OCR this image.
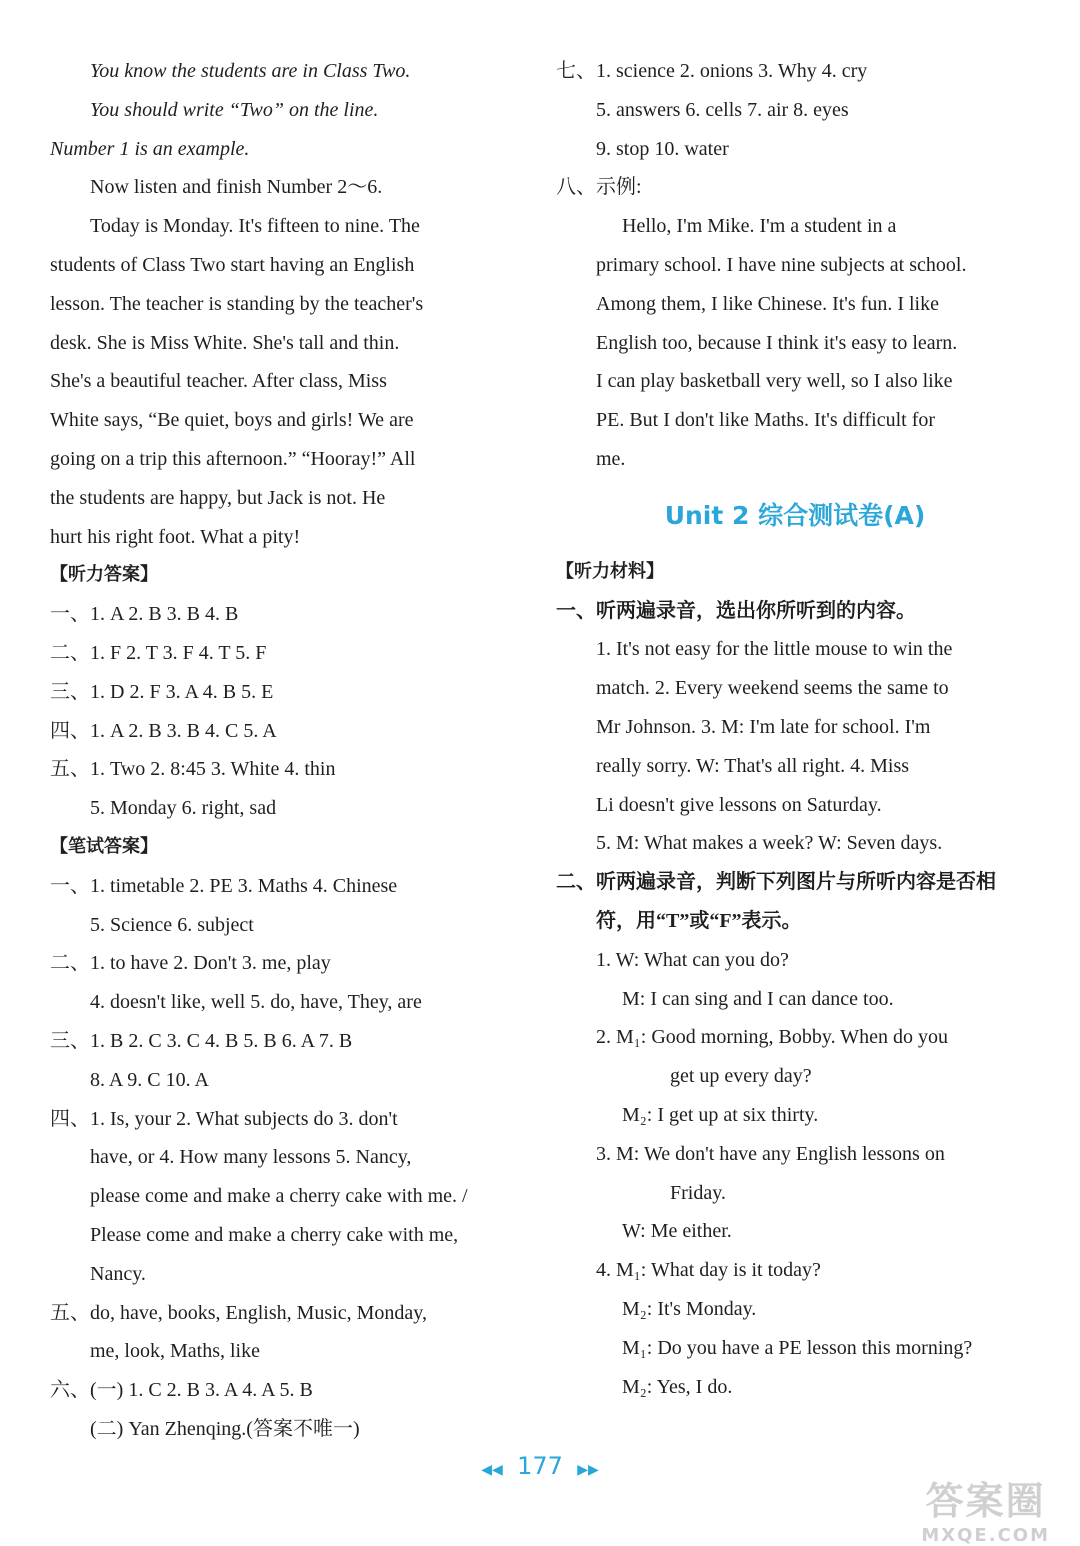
You know the students are in Class Two.
You should write “Two” on the line.
Number 1 is an example.
Now listen and finish Number 2～6.
Today is Monday. It's fifteen to nine. The
students of Class Two start having an English
lesson. The teacher is standing by the teacher's
desk. She is Miss White. She's tall and thin.
She's a beautiful teacher. After class, Miss
White says, “Be quiet, boys and girls! We are
going on a trip this afternoon.” “Hooray!” All
the students are happy, but Jack is not. He
hurt his right foot. What a pity!
【听力答案】
一、1. A 2. B 3. B 4. B
二、1. F 2. T 3. F 4. T 5. F
三、1. D 2. F 3. A 4. B 5. E
四、1. A 2. B 3. B 4. C 5. A
五、1. Two 2. 8:45 3. White 4. thin
5. Monday 6. right, sad
【笔试答案】
一、1. timetable 2. PE 3. Maths 4. Chinese
5. Science 6. subject
二、1. to have 2. Don't 3. me, play
4. doesn't like, well 5. do, have, They, are
三、1. B 2. C 3. C 4. B 5. B 6. A 7. B
8. A 9. C 10. A
四、1. Is, your 2. What subjects do 3. don't
have, or 4. How many lessons 5. Nancy,
please come and make a cherry cake with me. /
Please come and make a cherry cake with me,
Nancy.
五、do, have, books, English, Music, Monday,
me, look, Maths, like
六、(一) 1. C 2. B 3. A 4. A 5. B
(二) Yan Zhenqing.(答案不唯一)
七、1. science 2. onions 3. Why 4. cry
5. answers 6. cells 7. air 8. eyes
9. stop 10. water
八、示例:
Hello, I'm Mike. I'm a student in a
primary school. I have nine subjects at school.
Among them, I like Chinese. It's fun. I like
English too, because I think it's easy to learn.
I can play basketball very well, so I also like
PE. But I don't like Maths. It's difficult for
me.
Unit 2 综合测试卷(A)
【听力材料】
一、听两遍录音，选出你所听到的内容。
1. It's not easy for the little mouse to win the
match. 2. Every weekend seems the same to
Mr Johnson. 3. M: I'm late for school. I'm
really sorry. W: That's all right. 4. Miss
Li doesn't give lessons on Saturday.
5. M: What makes a week? W: Seven days.
二、听两遍录音，判断下列图片与所听内容是否相
符，用“T”或“F”表示。
1. W: What can you do?
M: I can sing and I can dance too.
2. M₁: Good morning, Bobby. When do you
get up every day?
M₂: I get up at six thirty.
3. M: We don't have any English lessons on
Friday.
W: Me either.
4. M₁: What day is it today?
M₂: It's Monday.
M₁: Do you have a PE lesson this morning?
M₂: Yes, I do.
◀◀ 177 ▶▶
答案圈
MXQE.COM
